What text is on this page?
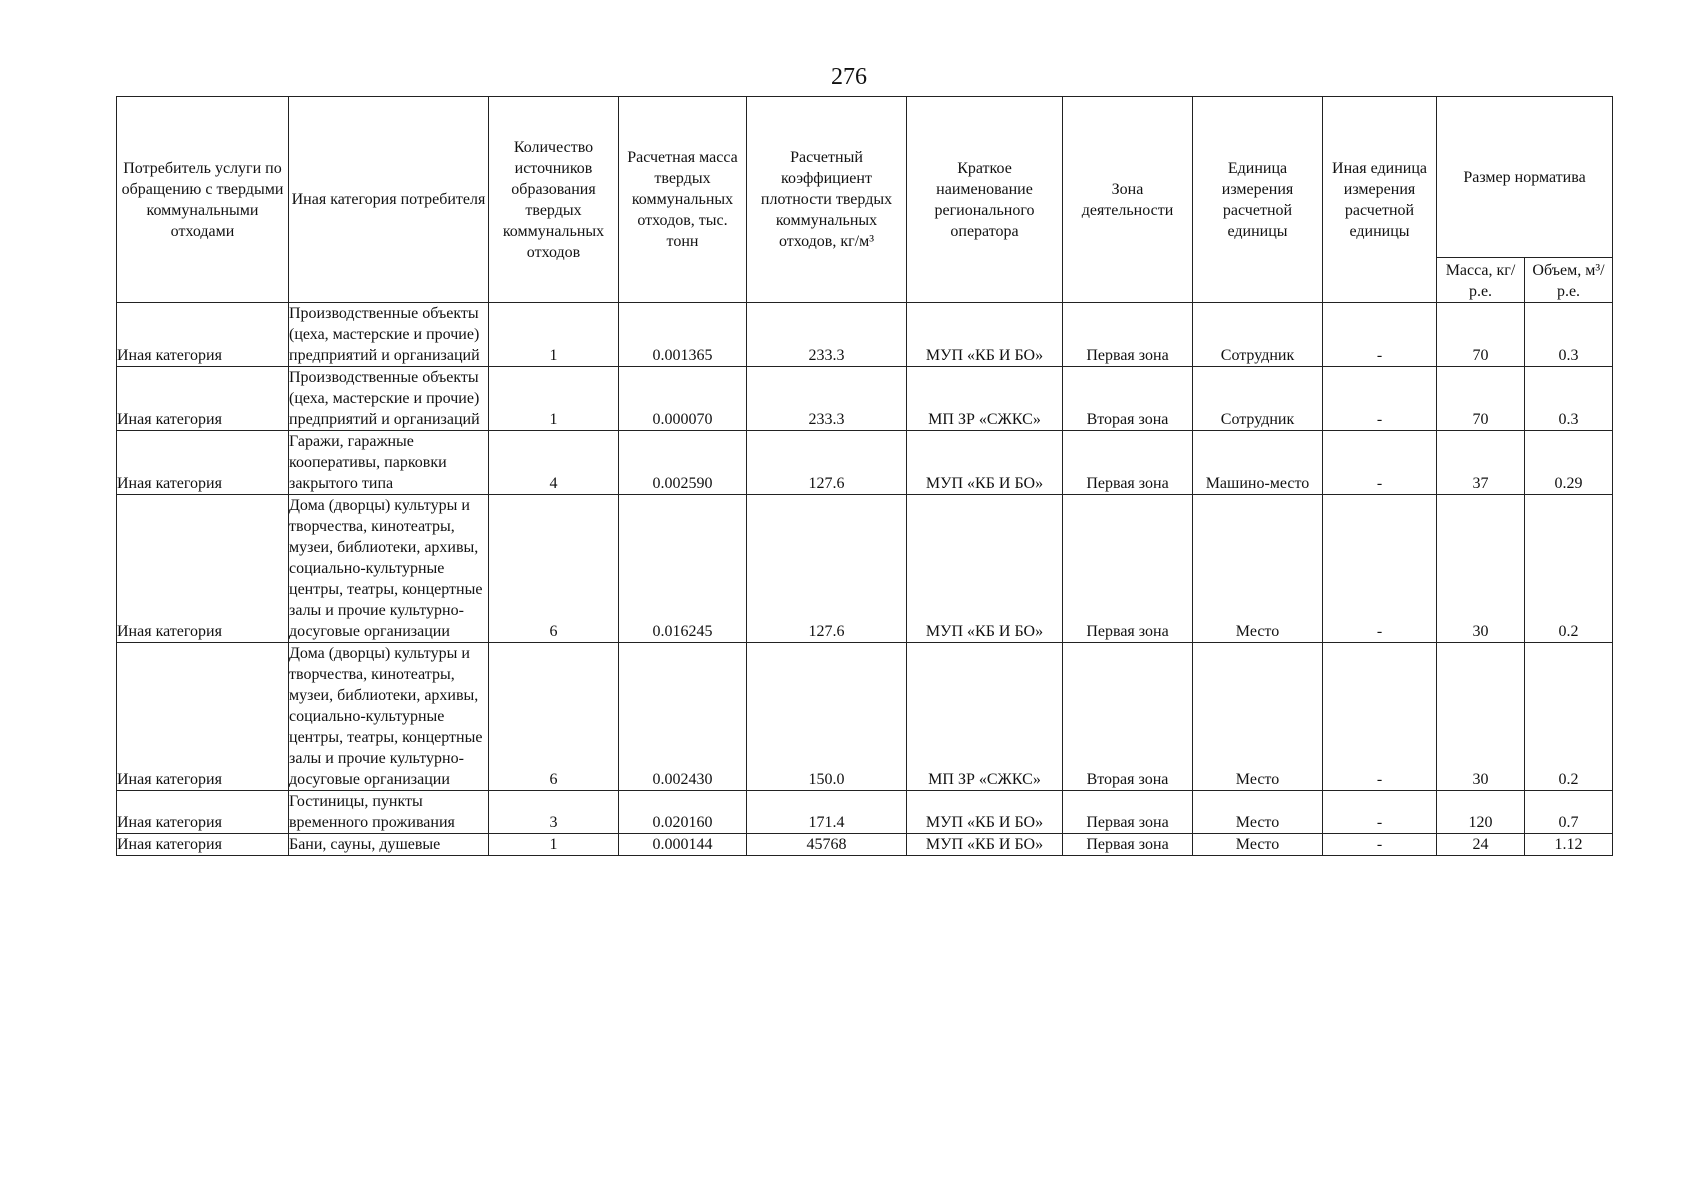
276
Потребитель услуги по обращению с твердыми коммунальными отходами	Иная категория потребителя	Количество источников образования твердых коммунальных отходов	Расчетная масса твердых коммунальных отходов, тыс. тонн	Расчетный коэффициент плотности твердых коммунальных отходов, кг/м³	Краткое наименование регионального оператора	Зона деятельности	Единица измерения расчетной единицы	Иная единица измерения расчетной единицы	Размер норматива	
									Масса, кг/р.е.	Объем, м³/р.е.
Иная категория	Производственные объекты (цеха, мастерские и прочие) предприятий и организаций	1	0.001365	233.3	МУП «КБ И БО»	Первая зона	Сотрудник	-	70	0.3
Иная категория	Производственные объекты (цеха, мастерские и прочие) предприятий и организаций	1	0.000070	233.3	МП ЗР «СЖКС»	Вторая зона	Сотрудник	-	70	0.3
Иная категория	Гаражи, гаражные кооперативы, парковки закрытого типа	4	0.002590	127.6	МУП «КБ И БО»	Первая зона	Машино-место	-	37	0.29
Иная категория	Дома (дворцы) культуры и творчества, кинотеатры, музеи, библиотеки, архивы, социально-культурные центры, театры, концертные залы и прочие культурно-досуговые организации	6	0.016245	127.6	МУП «КБ И БО»	Первая зона	Место	-	30	0.2
Иная категория	Дома (дворцы) культуры и творчества, кинотеатры, музеи, библиотеки, архивы, социально-культурные центры, театры, концертные залы и прочие культурно-досуговые организации	6	0.002430	150.0	МП ЗР «СЖКС»	Вторая зона	Место	-	30	0.2
Иная категория	Гостиницы, пункты временного проживания	3	0.020160	171.4	МУП «КБ И БО»	Первая зона	Место	-	120	0.7
Иная категория	Бани, сауны, душевые	1	0.000144	45768	МУП «КБ И БО»	Первая зона	Место	-	24	1.12
